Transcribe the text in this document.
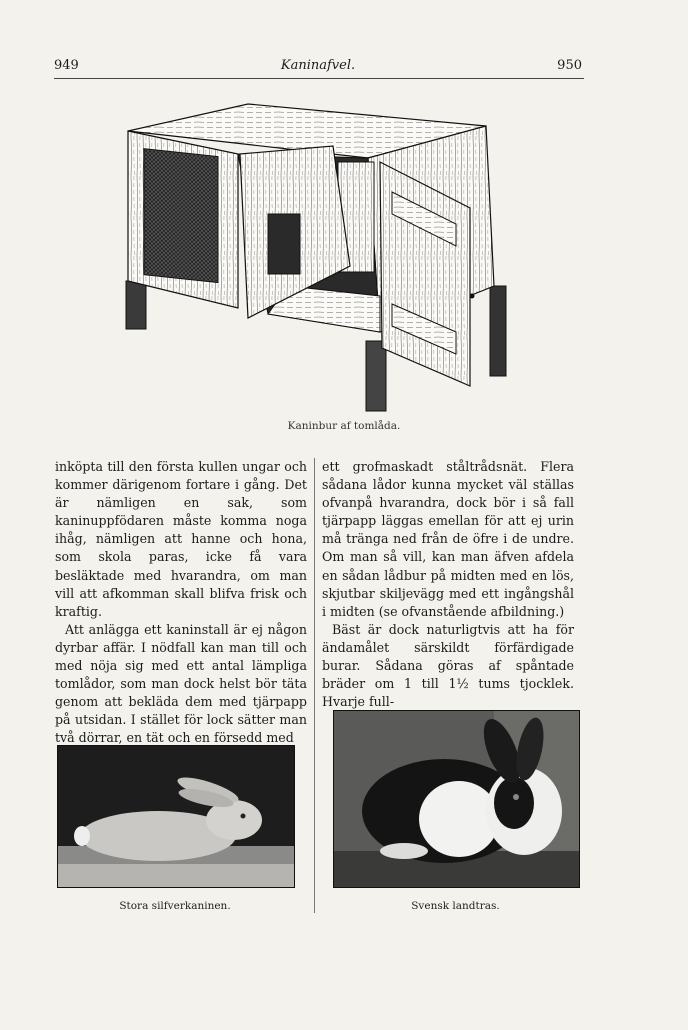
949	Kaninafvel.	950
Kaninbur af tomlåda.

inköpta till den första kullen ungar och kommer därigenom fortare i gång. Det är nämligen en sak, som kaninuppfödaren måste komma noga ihåg, nämligen att hanne och hona, som skola paras, icke få vara besläktade med hvarandra, om man vill att afkomman skall blifva frisk och kraftig.

Att anlägga ett kaninstall är ej någon dyrbar affär. I nödfall kan man till och med nöja sig med ett antal lämpliga tomlådor, som man dock helst bör täta genom att bekläda dem med tjärpapp på utsidan. I stället för lock sätter man två dörrar, en tät och en försedd med

ett grofmaskadt ståltrådsnät. Flera sådana lådor kunna mycket väl ställas ofvanpå hvarandra, dock bör i så fall tjärpapp läggas emellan för att ej urin må tränga ned från de öfre i de undre. Om man så vill, kan man äfven afdela en sådan lådbur på midten med en lös, skjutbar skiljevägg med ett ingångshål i midten (se ofvanstående afbildning.)

Bäst är dock naturligtvis att ha för ändamålet särskildt förfärdigade burar. Sådana göras af spåntade bräder om 1 till 1½ tums tjocklek. Hvarje full-

Stora silfverkaninen.	Svensk landtras.
